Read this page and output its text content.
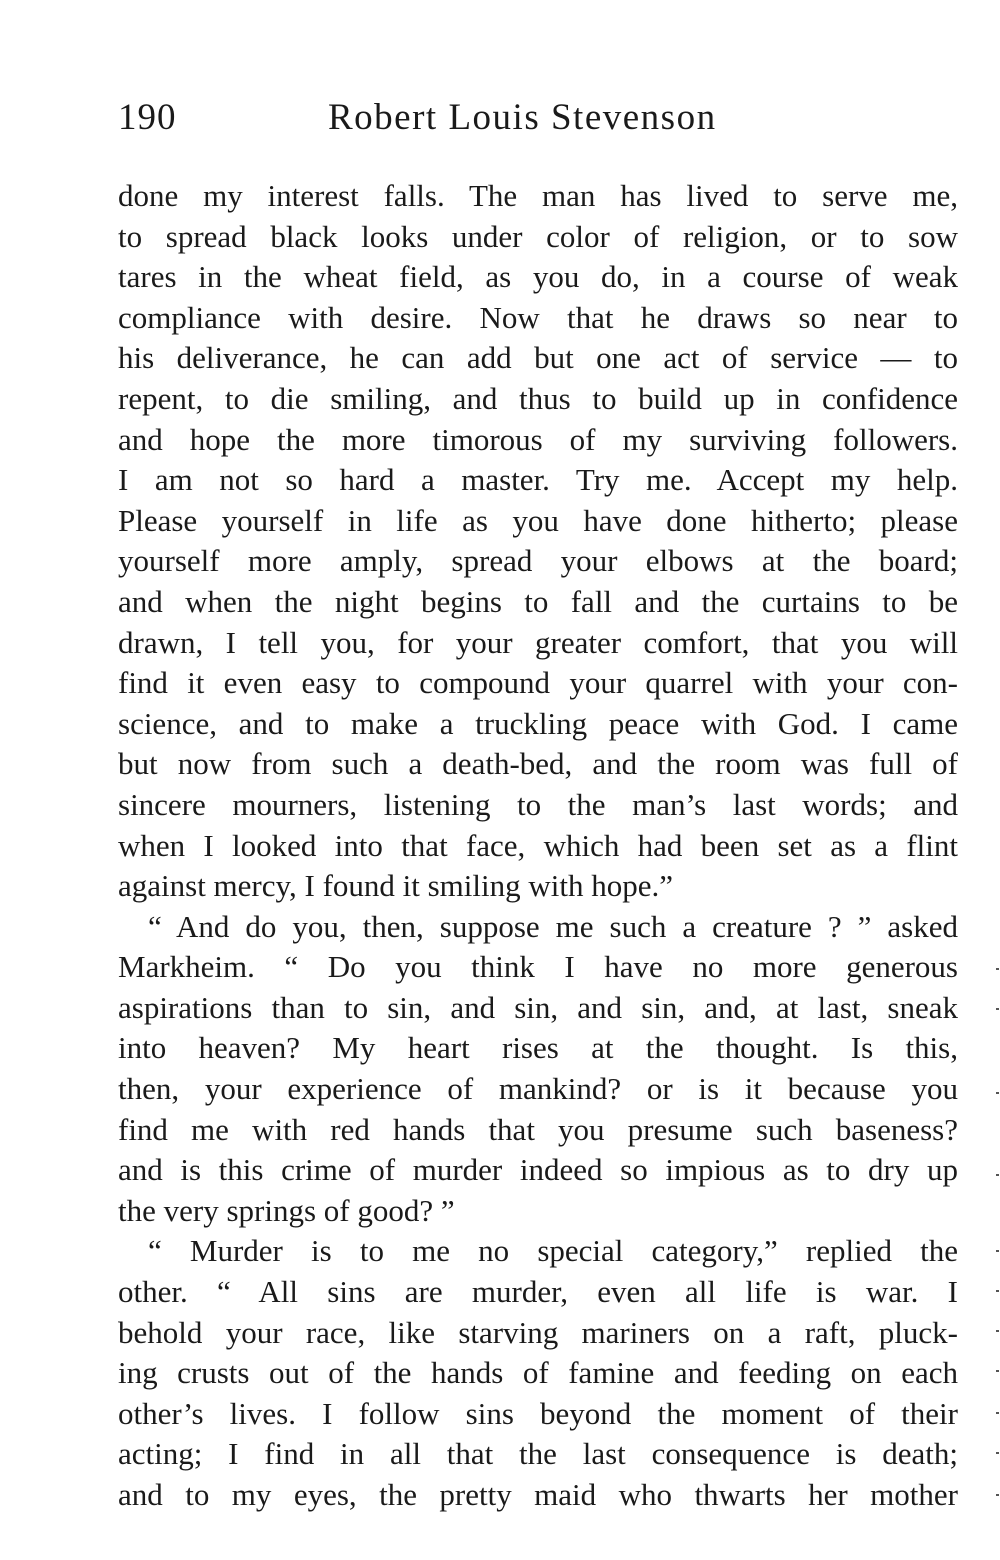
190	Robert Louis Stevenson
done my interest falls. The man has lived to serve me,
to spread black looks under color of religion, or to sow
tares in the wheat field, as you do, in a course of weak
compliance with desire. Now that he draws so near to
his deliverance, he can add but one act of service — to
repent, to die smiling, and thus to build up in confidence
and hope the more timorous of my surviving followers.
I am not so hard a master. Try me. Accept my help.
Please yourself in life as you have done hitherto; please
yourself more amply, spread your elbows at the board;
and when the night begins to fall and the curtains to be
drawn, I tell you, for your greater comfort, that you will
find it even easy to compound your quarrel with your con-
science, and to make a truckling peace with God. I came
but now from such a death-bed, and the room was full of
sincere mourners, listening to the man’s last words; and
when I looked into that face, which had been set as a flint
against mercy, I found it smiling with hope.”
“ And do you, then, suppose me such a creature ? ” asked
Markheim. “ Do you think I have no more generous
aspirations than to sin, and sin, and sin, and, at last, sneak
into heaven? My heart rises at the thought. Is this,
then, your experience of mankind? or is it because you
find me with red hands that you presume such baseness?
and is this crime of murder indeed so impious as to dry up
the very springs of good? ”
“ Murder is to me no special category,” replied the
other. “ All sins are murder, even all life is war. I
behold your race, like starving mariners on a raft, pluck-
ing crusts out of the hands of famine and feeding on each
other’s lives. I follow sins beyond the moment of their
acting; I find in all that the last consequence is death;
and to my eyes, the pretty maid who thwarts her mother
